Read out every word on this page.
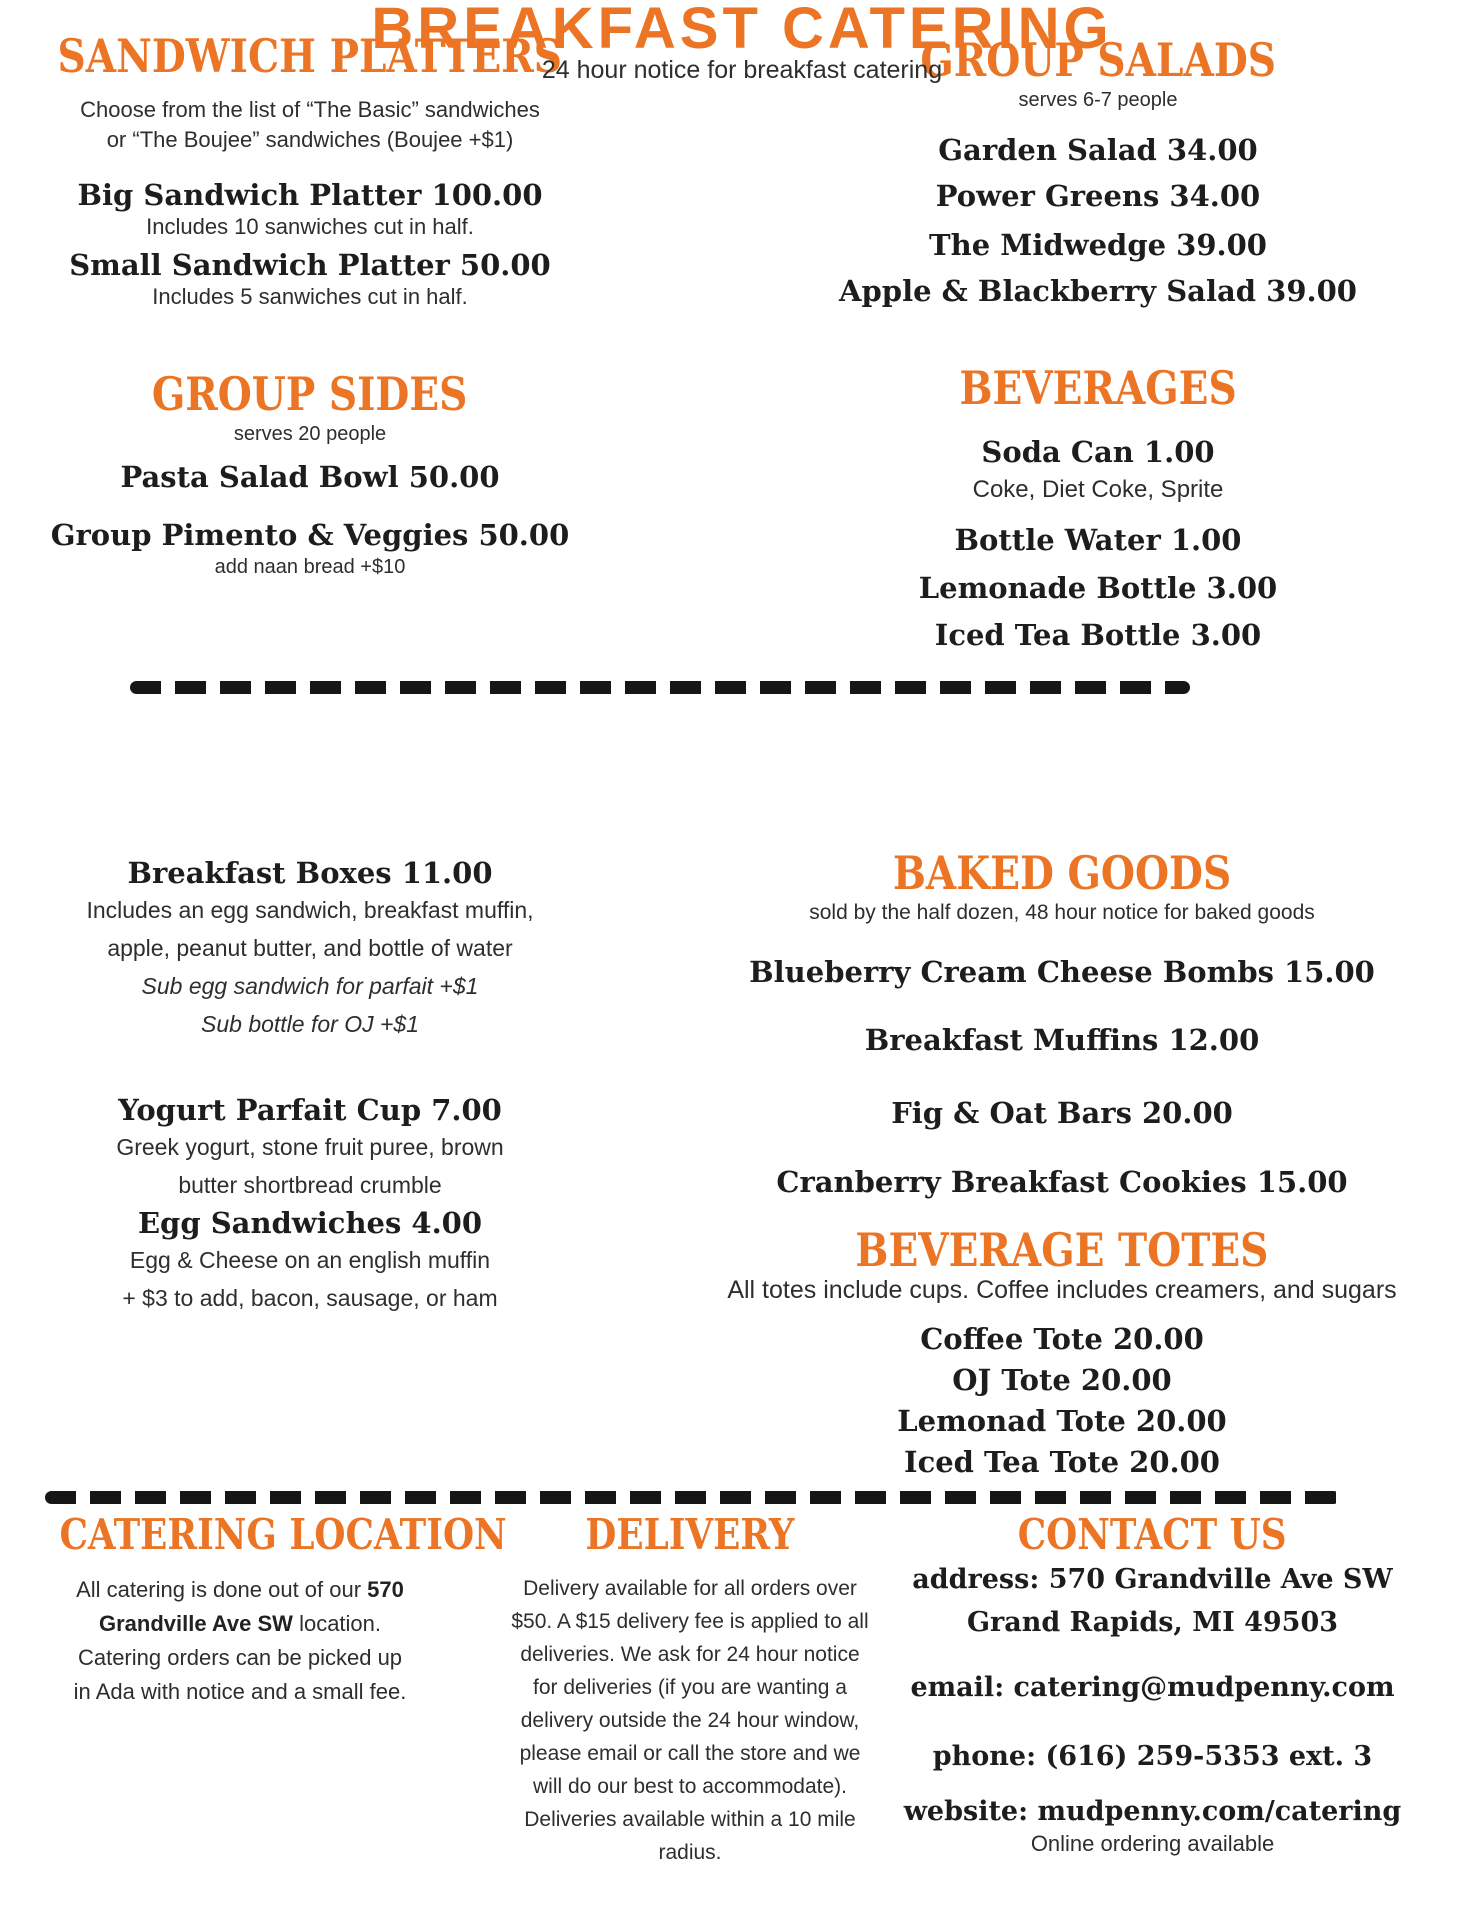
SANDWICH PLATTERS
Choose from the list of “The Basic” sandwiches
or “The Boujee” sandwiches (Boujee +$1)
Big Sandwich Platter 100.00
Includes 10 sanwiches cut in half.
Small Sandwich Platter 50.00
Includes 5 sanwiches cut in half.
GROUP SIDES
serves 20 people
Pasta Salad Bowl 50.00
Group Pimento & Veggies 50.00
add naan bread +$10
GROUP SALADS
serves 6-7 people
Garden Salad 34.00
Power Greens 34.00
The Midwedge 39.00
Apple & Blackberry Salad 39.00
BEVERAGES
Soda Can 1.00
Coke, Diet Coke, Sprite
Bottle Water 1.00
Lemonade Bottle 3.00
Iced Tea Bottle 3.00
BREAKFAST CATERING
24 hour notice for breakfast catering
Breakfast Boxes 11.00
Includes an egg sandwich, breakfast muffin,
apple, peanut butter, and bottle of water
Sub egg sandwich for parfait +$1
Sub bottle for OJ +$1
Yogurt Parfait Cup 7.00
Greek yogurt, stone fruit puree, brown
butter shortbread crumble
Egg Sandwiches 4.00
Egg & Cheese on an english muffin
+ $3 to add, bacon, sausage, or ham
BAKED GOODS
sold by the half dozen, 48 hour notice for baked goods
Blueberry Cream Cheese Bombs 15.00
Breakfast Muffins 12.00
Fig & Oat Bars 20.00
Cranberry Breakfast Cookies 15.00
BEVERAGE TOTES
All totes include cups. Coffee includes creamers, and sugars
Coffee Tote 20.00
OJ Tote 20.00
Lemonad Tote 20.00
Iced Tea Tote 20.00
CATERING LOCATION
All catering is done out of our 570
Grandville Ave SW location.
Catering orders can be picked up
in Ada with notice and a small fee.
DELIVERY
Delivery available for all orders over
$50. A $15 delivery fee is applied to all
deliveries. We ask for 24 hour notice
for deliveries (if you are wanting a
delivery outside the 24 hour window,
please email or call the store and we
will do our best to accommodate).
Deliveries available within a 10 mile
radius.
CONTACT US
address: 570 Grandville Ave SW
Grand Rapids, MI 49503
email: catering@mudpenny.com
phone: (616) 259-5353 ext. 3
website: mudpenny.com/catering
Online ordering available
